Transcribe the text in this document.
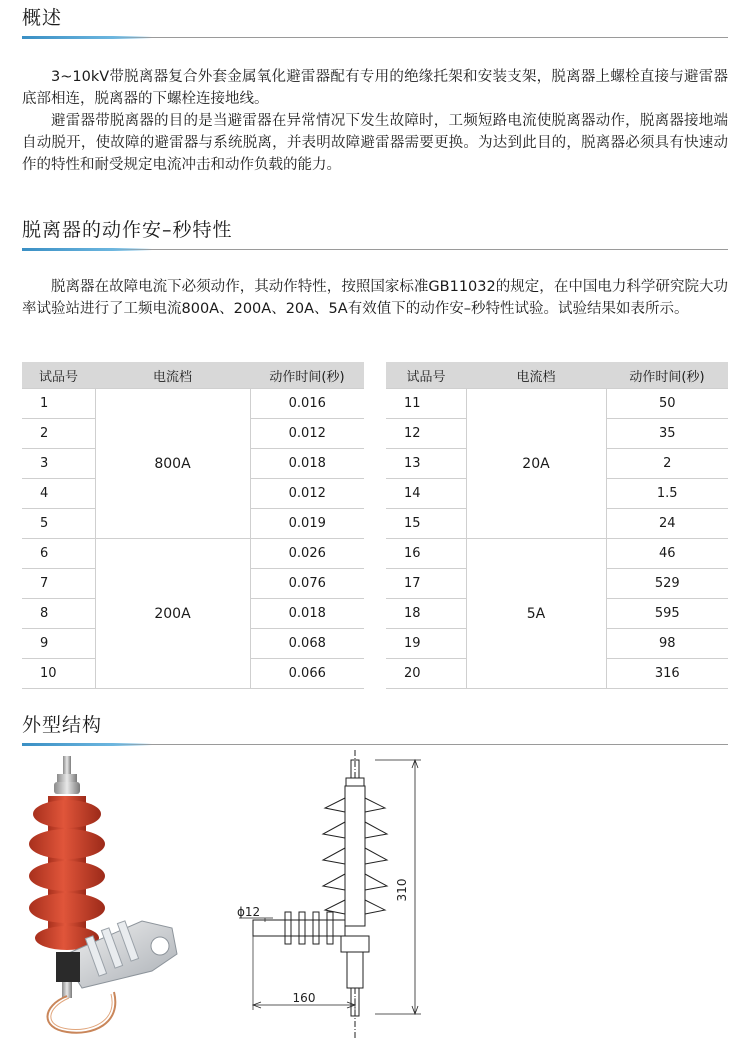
概述

3~10kV带脱离器复合外套金属氧化避雷器配有专用的绝缘托架和安装支架，脱离器上螺栓直接与避雷器底部相连，脱离器的下螺栓连接地线。

避雷器带脱离器的目的是当避雷器在异常情况下发生故障时，工频短路电流使脱离器动作，脱离器接地端自动脱开，使故障的避雷器与系统脱离，并表明故障避雷器需要更换。为达到此目的，脱离器必须具有快速动作的特性和耐受规定电流冲击和动作负载的能力。

脱离器的动作安–秒特性

脱离器在故障电流下必须动作，其动作特性，按照国家标准GB11032的规定，在中国电力科学研究院大功率试验站进行了工频电流800A、200A、20A、5A有效值下的动作安–秒特性试验。试验结果如表所示。

试品号	电流档	动作时间(秒)
1	800A	0.016
2		0.012
3		0.018
4		0.012
5		0.019
6	200A	0.026
7		0.076
8		0.018
9		0.068
10		0.066
试品号	电流档	动作时间(秒)
11	20A	50
12		35
13		2
14		1.5
15		24
16	5A	46
17		529
18		595
19		98
20		316
外型结构
ϕ12
310
160
